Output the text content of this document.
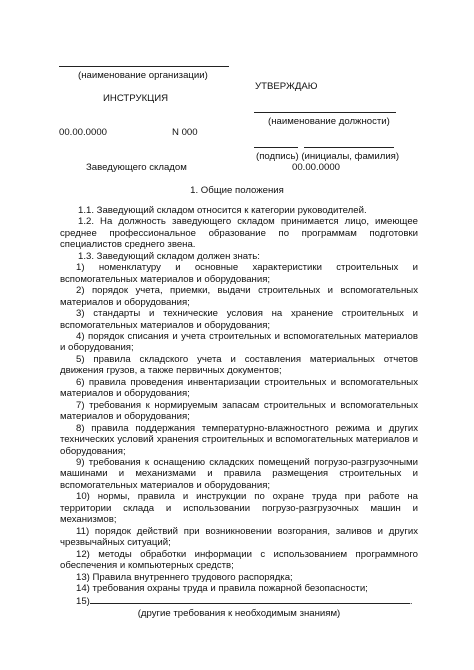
(наименование организации)
УТВЕРЖДАЮ
ИНСТРУКЦИЯ
(наименование должности)
00.00.0000	N 000
(подпись) (инициалы, фамилия)
Заведующего складом	00.00.0000
1. Общие положения

1.1. Заведующий складом относится к категории руководителей.

1.2. На должность заведующего складом принимается лицо, имеющее среднее профессиональное образование по программам подготовки специалистов среднего звена.

1.3. Заведующий складом должен знать:

1) номенклатуру и основные характеристики строительных и вспомогательных материалов и оборудования;

2) порядок учета, приемки, выдачи строительных и вспомогательных материалов и оборудования;

3) стандарты и технические условия на хранение строительных и вспомогательных материалов и оборудования;

4) порядок списания и учета строительных и вспомогательных материалов и оборудования;

5) правила складского учета и составления материальных отчетов движения грузов, а также первичных документов;

6) правила проведения инвентаризации строительных и вспомогательных материалов и оборудования;

7) требования к нормируемым запасам строительных и вспомогательных материалов и оборудования;

8) правила поддержания температурно-влажностного режима и других технических условий хранения строительных и вспомогательных материалов и оборудования;

9) требования к оснащению складских помещений погрузо-разгрузочными машинами и механизмами и правила размещения строительных и вспомогательных материалов и оборудования;

10) нормы, правила и инструкции по охране труда при работе на территории склада и использовании погрузо-разгрузочных машин и механизмов;

11) порядок действий при возникновении возгорания, заливов и других чрезвычайных ситуаций;

12) методы обработки информации с использованием программного обеспечения и компьютерных средств;

13) Правила внутреннего трудового распорядка;

14) требования охраны труда и правила пожарной безопасности;

15)	.

(другие требования к необходимым знаниям)
